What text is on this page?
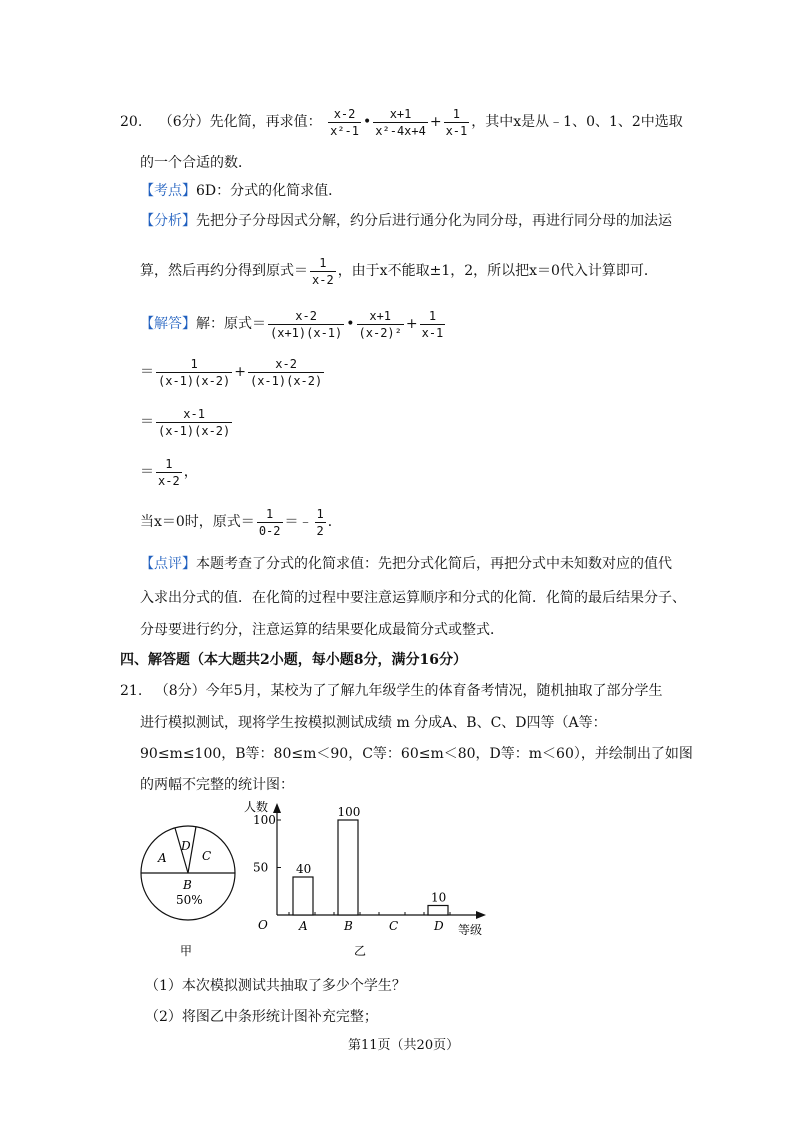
20. （6分）先化简，再求值： $\frac{x-2}{\text{x²-1}}$ • $\frac{x+1}{\text{x²-4x+4}} + \frac{1}{x-1}$ ，其中x是从﹣1、0、1、2中选取
的一个合适的数．
【考点】6D：分式的化简求值．
【分析】先把分子分母因式分解，约分后进行通分化为同分母，再进行同分母的加法运
算，然后再约分得到原式＝ $\frac{1}{x-2}$ ，由于x不能取±1，2，所以把x＝0代入计算即可．
【解答】解：原式＝ $\frac{x-2}{(x+1)(x-1)}$ • $\frac{x+1}{\text{(x-2)²}} + \frac{1}{x-1}$
＝ $\frac{1}{(x-1)(x-2)} + \frac{x-2}{(x-1)(x-2)}$
＝ $\frac{x-1}{(x-1)(x-2)}$
＝ $\frac{1}{x-2}$ ，
当x＝0时，原式＝ $\frac{1}{0-2}$ ＝﹣ $\frac{1}{2}$ ．
【点评】本题考查了分式的化简求值：先把分式化简后，再把分式中未知数对应的值代
入求出分式的值．在化简的过程中要注意运算顺序和分式的化简．化简的最后结果分子、
分母要进行约分，注意运算的结果要化成最简分式或整式．
四、解答题（本大题共2小题，每小题8分，满分16分）
21. （8分）今年5月，某校为了了解九年级学生的体育备考情况，随机抽取了部分学生
进行模拟测试，现将学生按模拟测试成绩 m 分成A、B、C、D四等（A等：
90≤m≤100，B等：80≤m＜90，C等：60≤m＜80，D等：m＜60），并绘制出了如图
的两幅不完整的统计图：
A
D
C
B
50%
甲
人数
等级
O
乙
100
50
A
40
B
100
C	D
10
（1）本次模拟测试共抽取了多少个学生？
（2）将图乙中条形统计图补充完整；
第11页（共20页）
